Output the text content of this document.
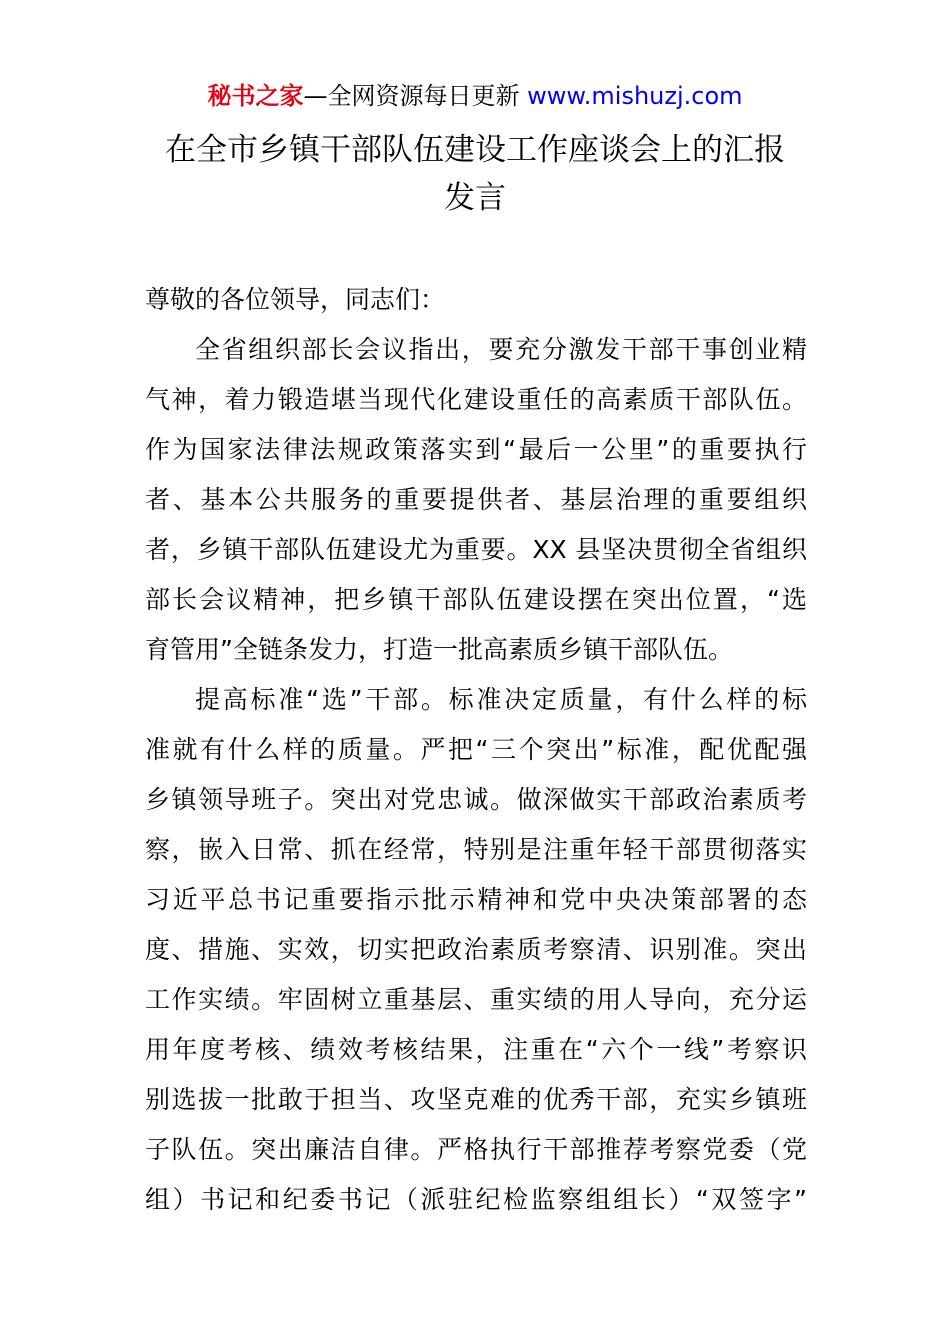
秘书之家—全网资源每日更新 www.mishuzj.com
在全市乡镇干部队伍建设工作座谈会上的汇报
发言

尊敬的各位领导，同志们：

全省组织部长会议指出，要充分激发干部干事创业精
气神，着力锻造堪当现代化建设重任的高素质干部队伍。
作为国家法律法规政策落实到“最后一公里”的重要执行
者、基本公共服务的重要提供者、基层治理的重要组织
者，乡镇干部队伍建设尤为重要。XX 县坚决贯彻全省组织
部长会议精神，把乡镇干部队伍建设摆在突出位置，“选
育管用”全链条发力，打造一批高素质乡镇干部队伍。

提高标准“选”干部。标准决定质量，有什么样的标
准就有什么样的质量。严把“三个突出”标准，配优配强
乡镇领导班子。突出对党忠诚。做深做实干部政治素质考
察，嵌入日常、抓在经常，特别是注重年轻干部贯彻落实
习近平总书记重要指示批示精神和党中央决策部署的态
度、措施、实效，切实把政治素质考察清、识别准。突出
工作实绩。牢固树立重基层、重实绩的用人导向，充分运
用年度考核、绩效考核结果，注重在“六个一线”考察识
别选拔一批敢于担当、攻坚克难的优秀干部，充实乡镇班
子队伍。突出廉洁自律。严格执行干部推荐考察党委（党
组）书记和纪委书记（派驻纪检监察组组长）“双签字”
